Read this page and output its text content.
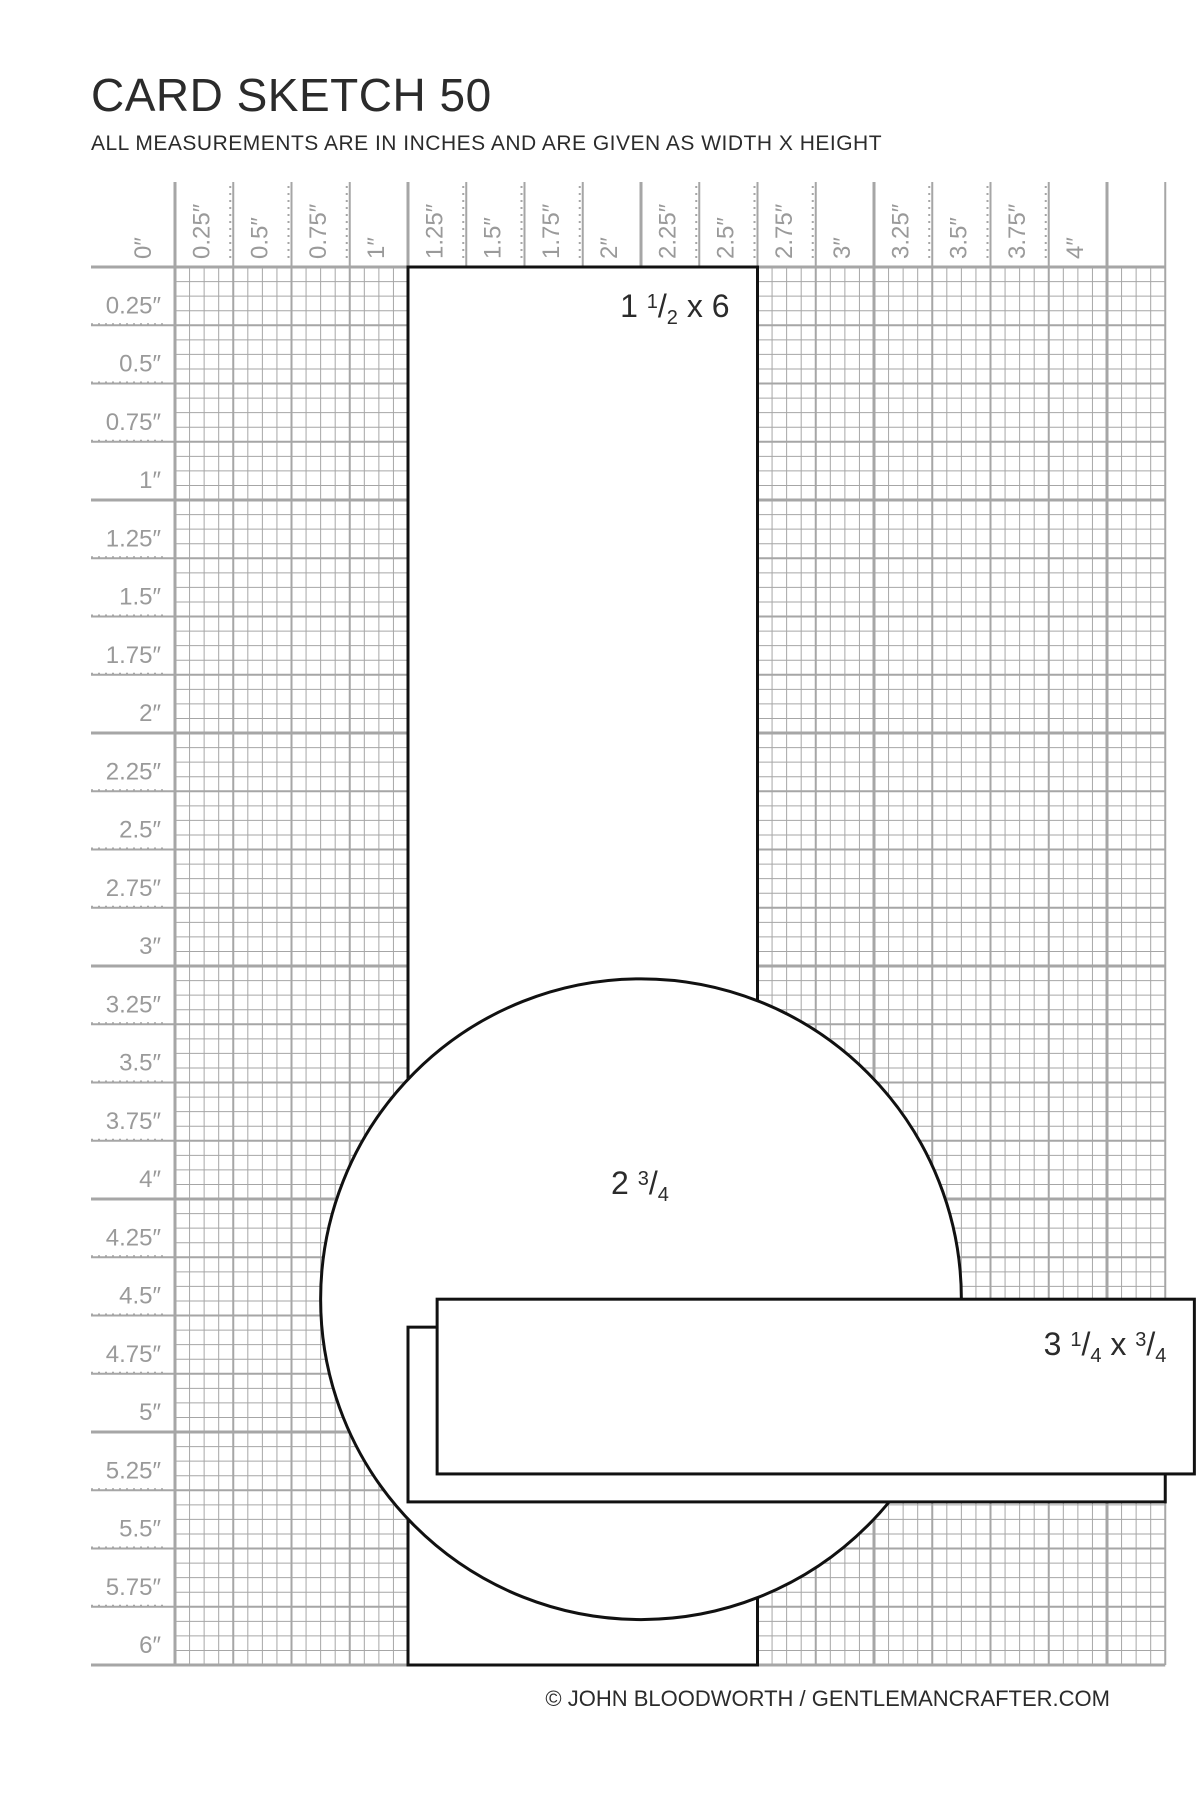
CARD SKETCH 50
ALL MEASUREMENTS ARE IN INCHES AND ARE GIVEN AS WIDTH X HEIGHT
0″ 0.25″ 0.5″ 0.75″ 1″ 1.25″ 1.5″ 1.75″ 2″ 2.25″ 2.5″ 2.75″ 3″ 3.25″ 3.5″ 3.75″ 4″
0.25″
0.5″
0.75″
1″
1.25″
1.5″
1.75″
2″
2.25″
2.5″
2.75″
3″
3.25″
3.5″
3.75″
4″
4.25″
4.5″
4.75″
5″
5.25″
5.5″
5.75″
6″
1 $^1/_2$ x 6
2 $^3/_4$
3 $^1/_4$ x $^3/_4$
© JOHN BLOODWORTH / GENTLEMANCRAFTER.COM
